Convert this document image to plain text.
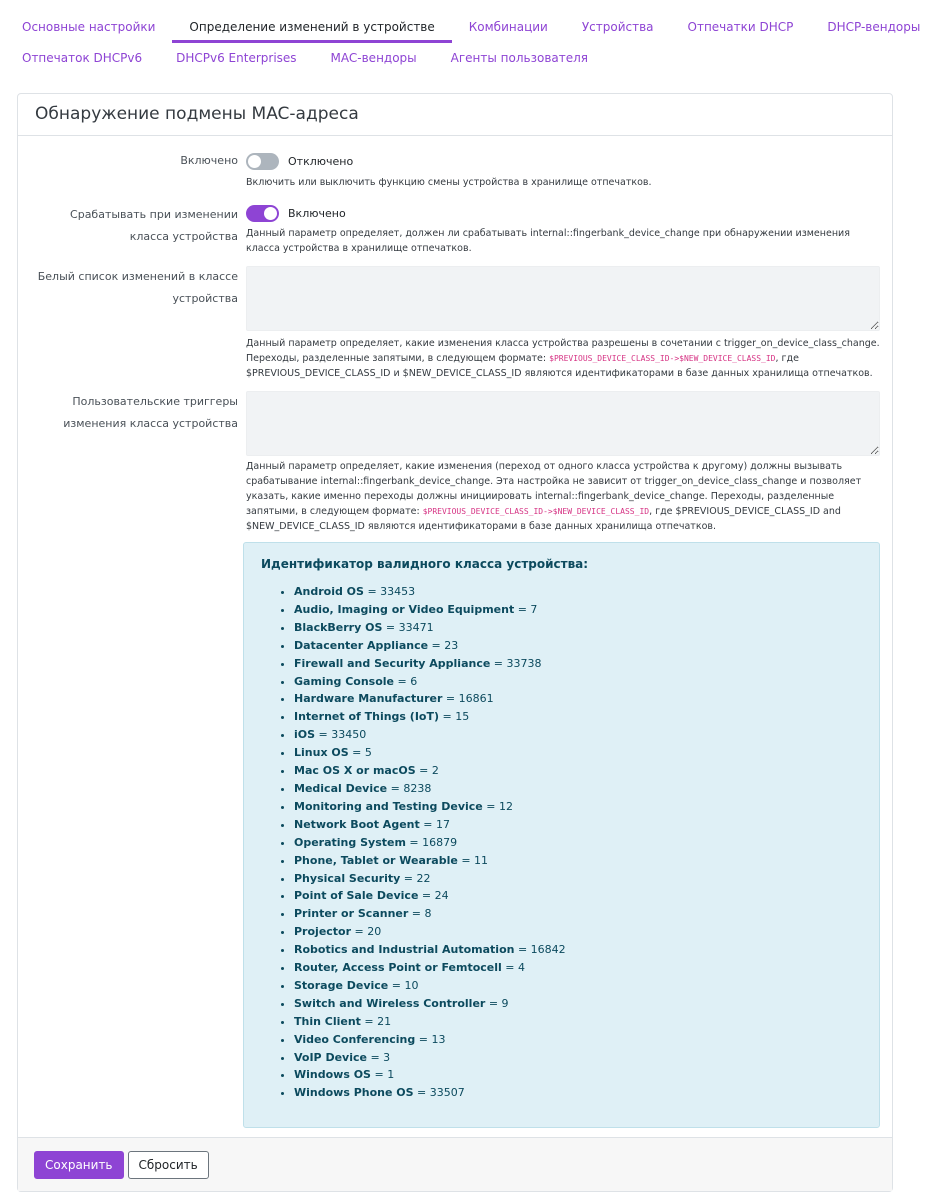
Основные настройки	Определение изменений в устройстве	Комбинации	Устройства	Отпечатки DHCP	DHCP-вендоры
Отпечаток DHCPv6	DHCPv6 Enterprises	MAC-вендоры	Агенты пользователя
Обнаружение подмены MAC-адреса
Включено	Отключено
Включить или выключить функцию смены устройства в хранилище отпечатков.
Срабатывать при изменении класса устройства
Включено
Данный параметр определяет, должен ли срабатывать internal::fingerbank_device_change при обнаружении изменения класса устройства в хранилище отпечатков.
Белый список изменений в классе устройства
Данный параметр определяет, какие изменения класса устройства разрешены в сочетании с trigger_on_device_class_change. Переходы, разделенные запятыми, в следующем формате: $PREVIOUS_DEVICE_CLASS_ID->$NEW_DEVICE_CLASS_ID, где $PREVIOUS_DEVICE_CLASS_ID и $NEW_DEVICE_CLASS_ID являются идентификаторами в базе данных хранилища отпечатков.
Пользовательские триггеры изменения класса устройства
Данный параметр определяет, какие изменения (переход от одного класса устройства к другому) должны вызывать срабатывание internal::fingerbank_device_change. Эта настройка не зависит от trigger_on_device_class_change и позволяет указать, какие именно переходы должны инициировать internal::fingerbank_device_change. Переходы, разделенные запятыми, в следующем формате: $PREVIOUS_DEVICE_CLASS_ID->$NEW_DEVICE_CLASS_ID, где $PREVIOUS_DEVICE_CLASS_ID and $NEW_DEVICE_CLASS_ID являются идентификаторами в базе данных хранилища отпечатков.
Идентификатор валидного класса устройства:
• Android OS = 33453
• Audio, Imaging or Video Equipment = 7
• BlackBerry OS = 33471
• Datacenter Appliance = 23
• Firewall and Security Appliance = 33738
• Gaming Console = 6
• Hardware Manufacturer = 16861
• Internet of Things (IoT) = 15
• iOS = 33450
• Linux OS = 5
• Mac OS X or macOS = 2
• Medical Device = 8238
• Monitoring and Testing Device = 12
• Network Boot Agent = 17
• Operating System = 16879
• Phone, Tablet or Wearable = 11
• Physical Security = 22
• Point of Sale Device = 24
• Printer or Scanner = 8
• Projector = 20
• Robotics and Industrial Automation = 16842
• Router, Access Point or Femtocell = 4
• Storage Device = 10
• Switch and Wireless Controller = 9
• Thin Client = 21
• Video Conferencing = 13
• VoIP Device = 3
• Windows OS = 1
• Windows Phone OS = 33507
Сохранить	Сбросить
